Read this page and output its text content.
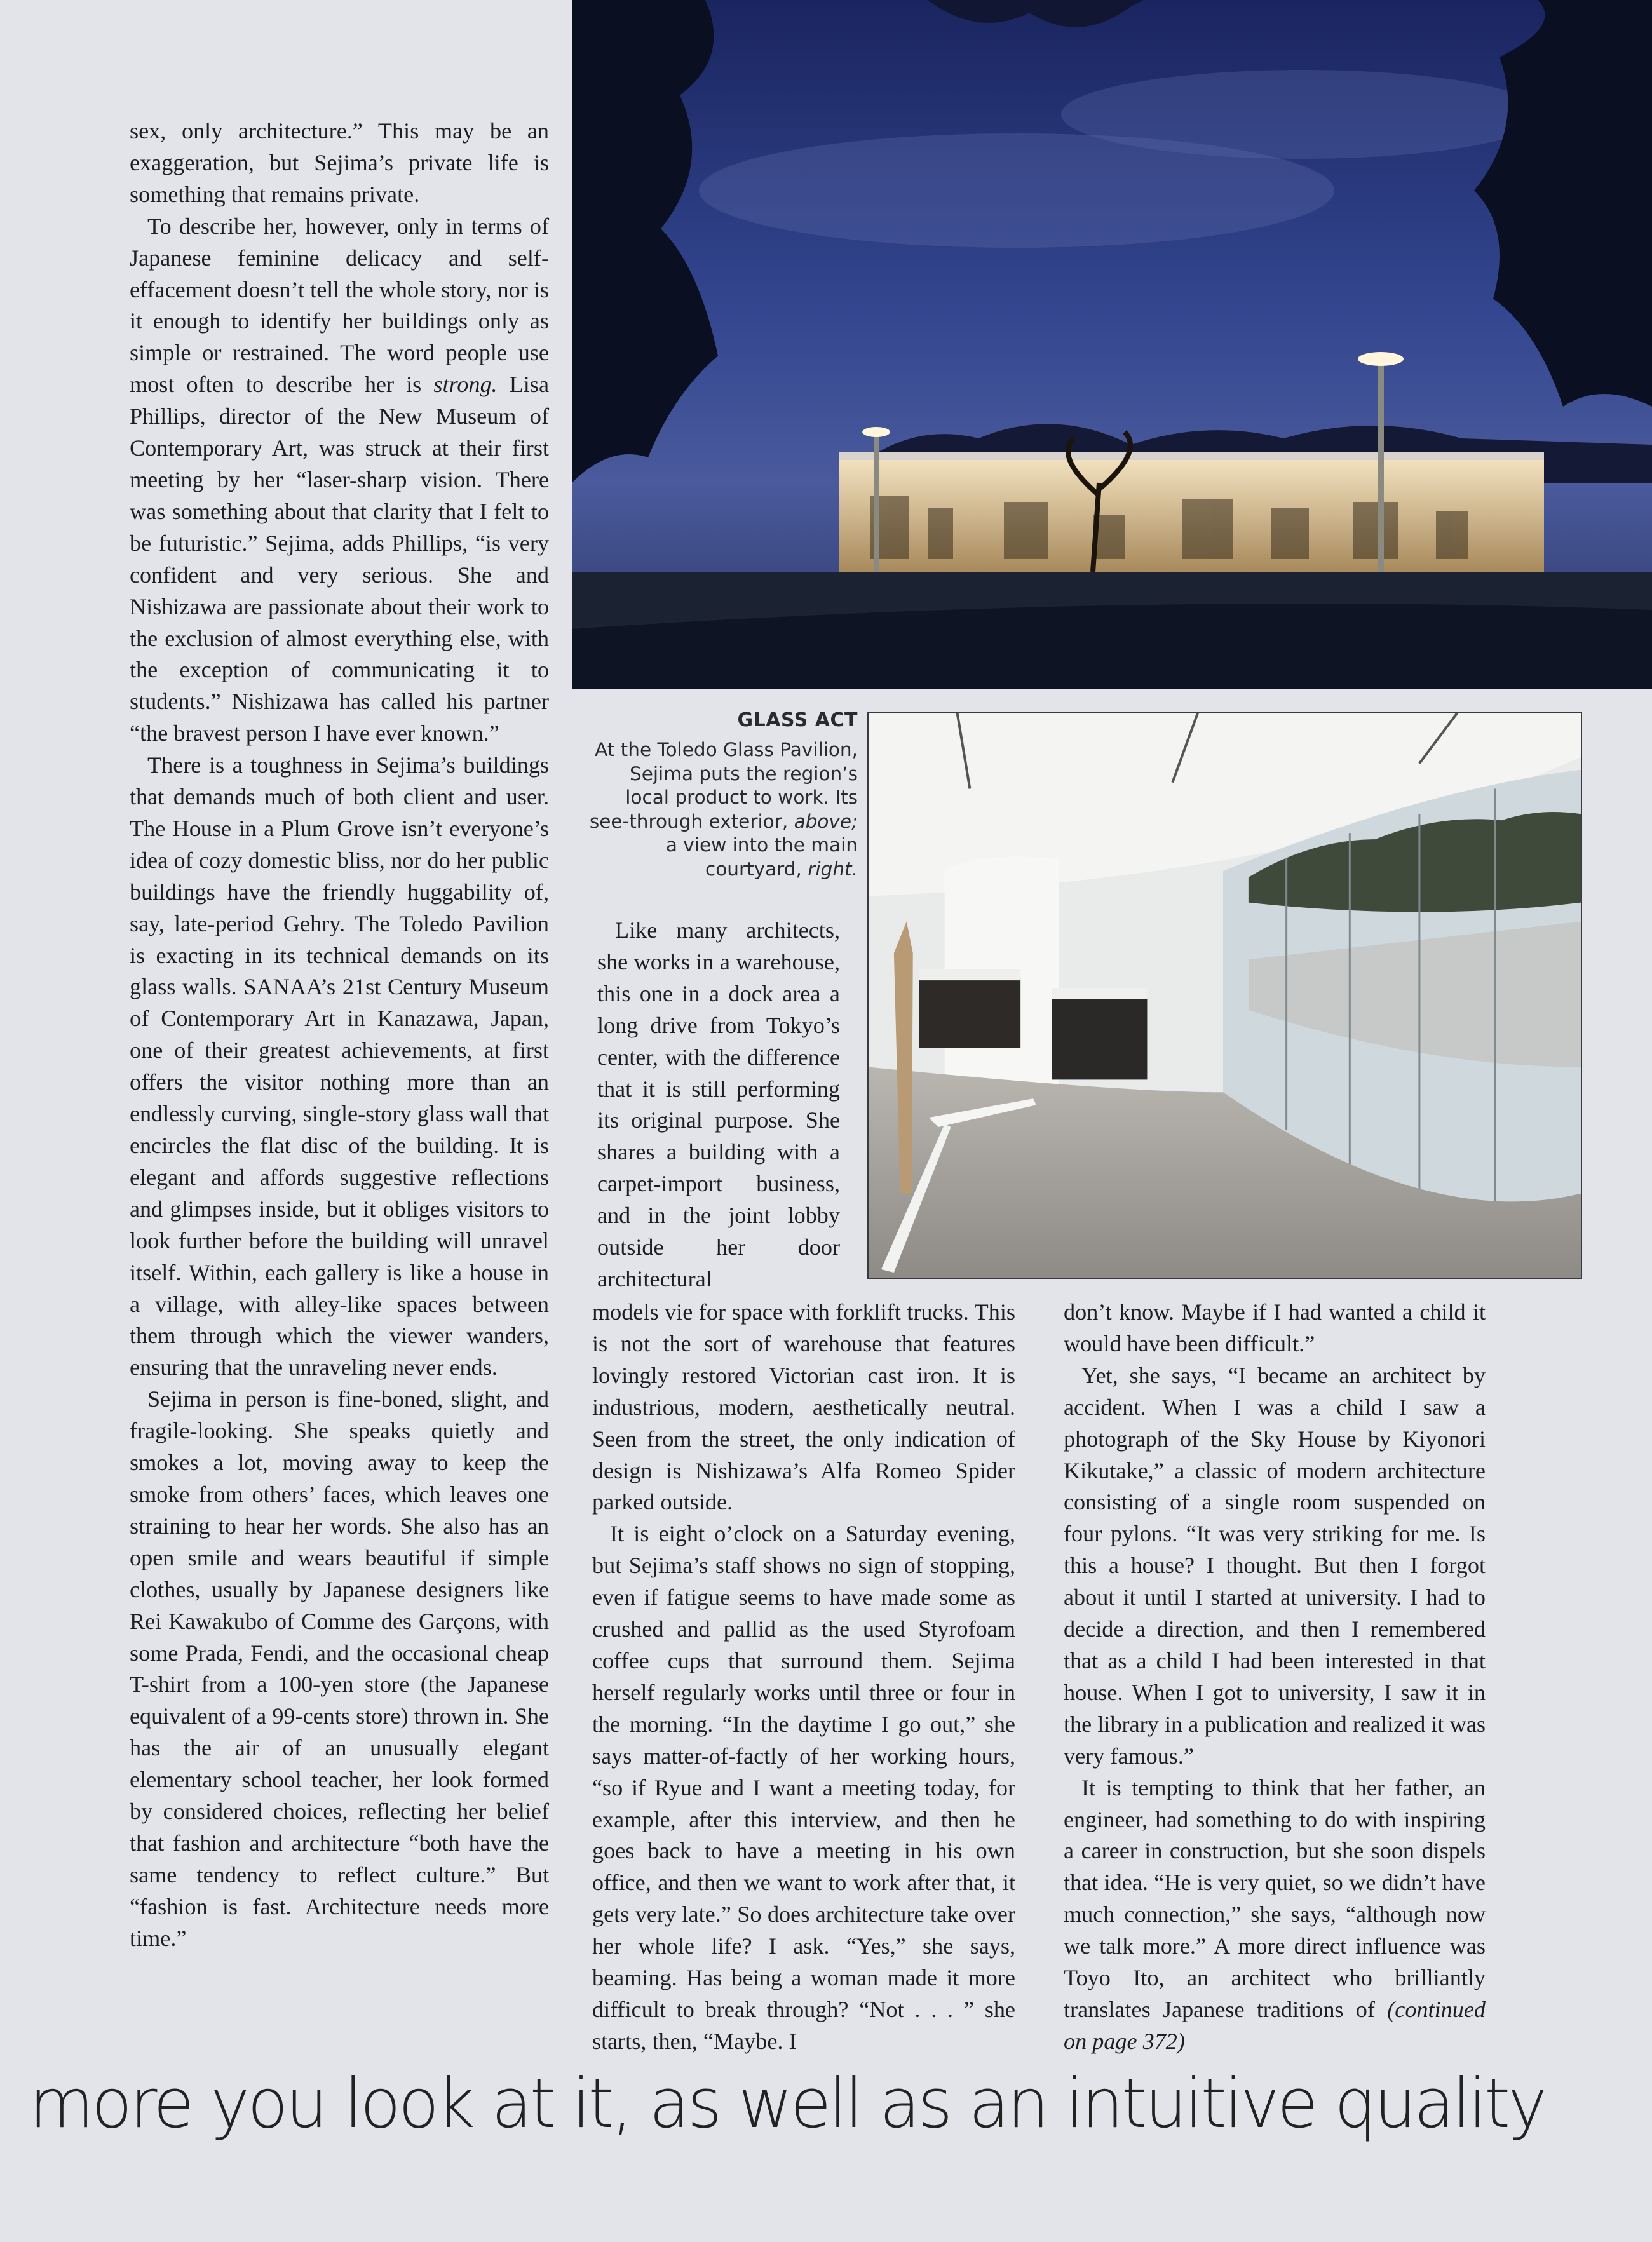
GLASS ACT
At the Toledo Glass Pavilion, Sejima puts the region’s local product to work. Its see-through exterior, above; a view into the main courtyard, right.

sex, only architecture.” This may be an exaggeration, but Sejima’s private life is something that remains private.

To describe her, however, only in terms of Japanese feminine delicacy and self-effacement doesn’t tell the whole story, nor is it enough to identify her buildings only as simple or restrained. The word people use most often to describe her is strong. Lisa Phillips, director of the New Museum of Contemporary Art, was struck at their first meeting by her “laser-sharp vision. There was something about that clarity that I felt to be futuristic.” Sejima, adds Phillips, “is very confident and very serious. She and Nishizawa are passionate about their work to the exclusion of almost everything else, with the exception of communicating it to students.” Nishizawa has called his partner “the bravest person I have ever known.”

There is a toughness in Sejima’s buildings that demands much of both client and user. The House in a Plum Grove isn’t everyone’s idea of cozy domestic bliss, nor do her public buildings have the friendly huggability of, say, late-period Gehry. The Toledo Pavilion is exacting in its technical demands on its glass walls. SANAA’s 21st Century Museum of Contemporary Art in Kanazawa, Japan, one of their greatest achievements, at first offers the visitor nothing more than an endlessly curving, single-story glass wall that encircles the flat disc of the building. It is elegant and affords suggestive reflections and glimpses inside, but it obliges visitors to look further before the building will unravel itself. Within, each gallery is like a house in a village, with alley-like spaces between them through which the viewer wanders, ensuring that the unraveling never ends.

Sejima in person is fine-boned, slight, and fragile-looking. She speaks quietly and smokes a lot, moving away to keep the smoke from others’ faces, which leaves one straining to hear her words. She also has an open smile and wears beautiful if simple clothes, usually by Japanese designers like Rei Kawakubo of Comme des Garçons, with some Prada, Fendi, and the occasional cheap T-shirt from a 100-yen store (the Japanese equivalent of a 99-cents store) thrown in. She has the air of an unusually elegant elementary school teacher, her look formed by considered choices, reflecting her belief that fashion and architecture “both have the same tendency to reflect culture.” But “fashion is fast. Architecture needs more time.”

Like many architects, she works in a warehouse, this one in a dock area a long drive from Tokyo’s center, with the difference that it is still performing its original purpose. She shares a building with a carpet-import business, and in the joint lobby outside her door architectural

models vie for space with forklift trucks. This is not the sort of warehouse that features lovingly restored Victorian cast iron. It is industrious, modern, aesthetically neutral. Seen from the street, the only indication of design is Nishizawa’s Alfa Romeo Spider parked outside.

It is eight o’clock on a Saturday evening, but Sejima’s staff shows no sign of stopping, even if fatigue seems to have made some as crushed and pallid as the used Styrofoam coffee cups that surround them. Sejima herself regularly works until three or four in the morning. “In the daytime I go out,” she says matter-of-factly of her working hours, “so if Ryue and I want a meeting today, for example, after this interview, and then he goes back to have a meeting in his own office, and then we want to work after that, it gets very late.” So does architecture take over her whole life? I ask. “Yes,” she says, beaming. Has being a woman made it more difficult to break through? “Not . . . ” she starts, then, “Maybe. I

don’t know. Maybe if I had wanted a child it would have been difficult.”

Yet, she says, “I became an architect by accident. When I was a child I saw a photograph of the Sky House by Kiyonori Kikutake,” a classic of modern architecture consisting of a single room suspended on four pylons. “It was very striking for me. Is this a house? I thought. But then I forgot about it until I started at university. I had to decide a direction, and then I remembered that as a child I had been interested in that house. When I got to university, I saw it in the library in a publication and realized it was very famous.”

It is tempting to think that her father, an engineer, had something to do with inspiring a career in construction, but she soon dispels that idea. “He is very quiet, so we didn’t have much connection,” she says, “although now we talk more.” A more direct influence was Toyo Ito, an architect who brilliantly translates Japanese traditions of (continued on page 372)

more you look at it, as well as an intuitive quality
